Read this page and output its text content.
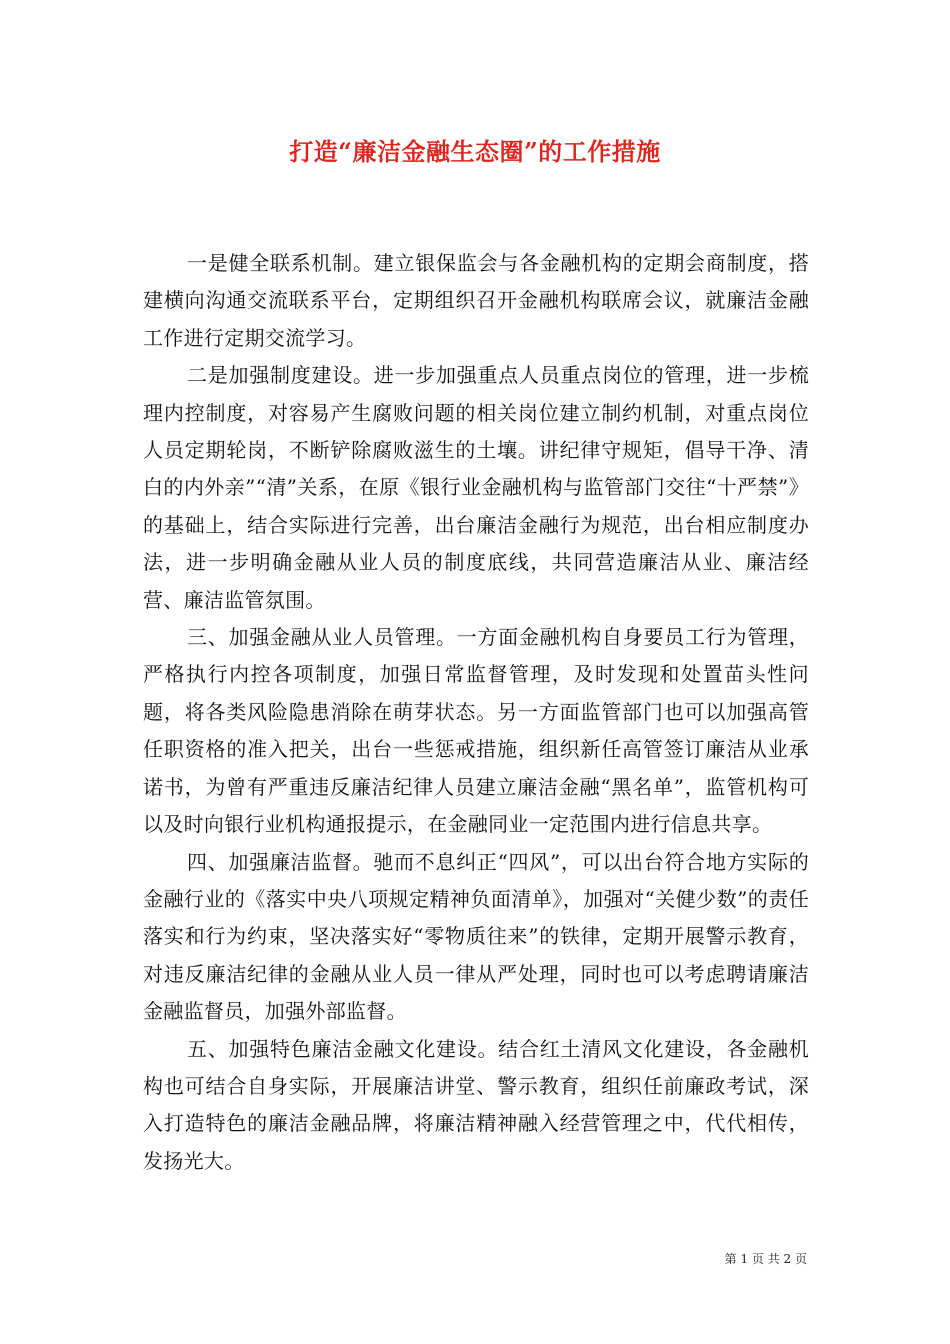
打造“廉洁金融生态圈”的工作措施

一是健全联系机制。建立银保监会与各金融机构的定期会商制度，搭建横向沟通交流联系平台，定期组织召开金融机构联席会议，就廉洁金融工作进行定期交流学习。

二是加强制度建设。进一步加强重点人员重点岗位的管理，进一步梳理内控制度，对容易产生腐败问题的相关岗位建立制约机制，对重点岗位人员定期轮岗，不断铲除腐败滋生的土壤。讲纪律守规矩，倡导干净、清白的内外亲”“清”关系，在原《银行业金融机构与监管部门交往“十严禁”》的基础上，结合实际进行完善，出台廉洁金融行为规范，出台相应制度办法，进一步明确金融从业人员的制度底线，共同营造廉洁从业、廉洁经营、廉洁监管氛围。

三、加强金融从业人员管理。一方面金融机构自身要员工行为管理，严格执行内控各项制度，加强日常监督管理，及时发现和处置苗头性问题，将各类风险隐患消除在萌芽状态。另一方面监管部门也可以加强高管任职资格的准入把关，出台一些惩戒措施，组织新任高管签订廉洁从业承诺书，为曾有严重违反廉洁纪律人员建立廉洁金融“黑名单”，监管机构可以及时向银行业机构通报提示，在金融同业一定范围内进行信息共享。

四、加强廉洁监督。驰而不息纠正“四风”，可以出台符合地方实际的金融行业的《落实中央八项规定精神负面清单》，加强对“关健少数”的责任落实和行为约束，坚决落实好“零物质往来”的铁律，定期开展警示教育，对违反廉洁纪律的金融从业人员一律从严处理，同时也可以考虑聘请廉洁金融监督员，加强外部监督。

五、加强特色廉洁金融文化建设。结合红土清风文化建设，各金融机构也可结合自身实际，开展廉洁讲堂、警示教育，组织任前廉政考试，深入打造特色的廉洁金融品牌，将廉洁精神融入经营管理之中，代代相传，发扬光大。

第 1 页 共 2 页
